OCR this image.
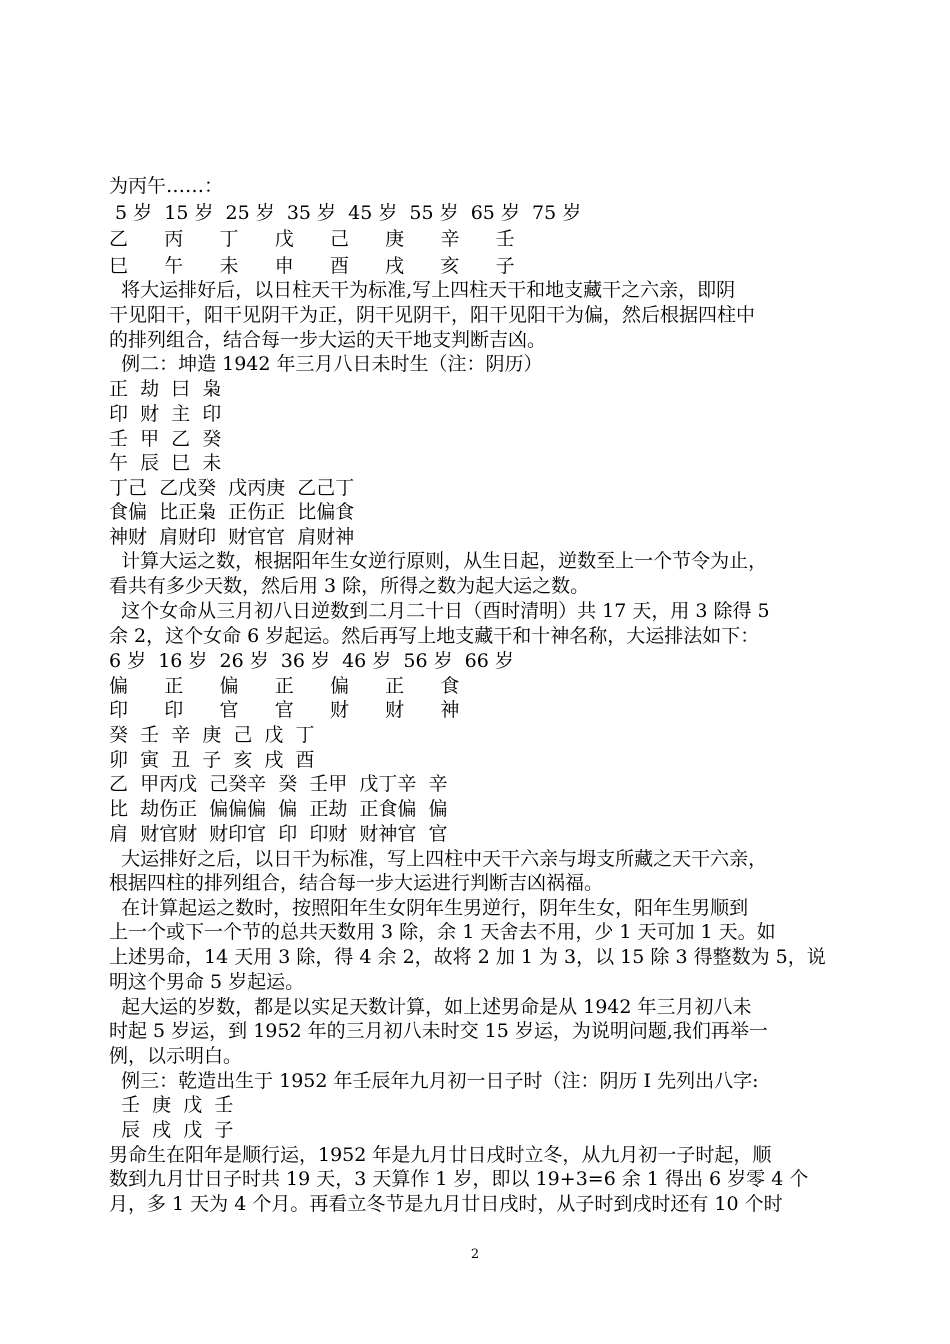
为丙午……：

5 岁  15 岁  25 岁  35 岁  45 岁  55 岁  65 岁  75 岁

乙      丙      丁      戊      己      庚      辛      壬

巳      午      未      申      酉      戌      亥      子

将大运排好后，以日柱天干为标准,写上四柱天干和地支藏干之六亲，即阴

干见阳干，阳干见阴干为正，阴干见阴干，阳干见阳干为偏，然后根据四柱中

的排列组合，结合每一步大运的天干地支判断吉凶。

例二：坤造 1942 年三月八日未时生（注：阴历）

正  劫  曰  枭

印  财  主  印

壬  甲  乙  癸

午  辰  巳  未

丁己  乙戊癸  戊丙庚  乙己丁

食偏  比正枭  正伤正  比偏食

神财  肩财印  财官官  肩财神

计算大运之数，根据阳年生女逆行原则，从生日起，逆数至上一个节令为止，

看共有多少天数，然后用 3 除，所得之数为起大运之数。

这个女命从三月初八日逆数到二月二十日（酉时清明）共 17 天，用 3 除得 5

余 2，这个女命 6 岁起运。然后再写上地支藏干和十神名称，大运排法如下：

6 岁  16 岁  26 岁  36 岁  46 岁  56 岁  66 岁

偏      正      偏      正      偏      正      食

印      印      官      官      财      财      神

癸  壬  辛  庚  己  戊  丁

卯  寅  丑  子  亥  戌  酉

乙  甲丙戊  己癸辛  癸  壬甲  戊丁辛  辛

比  劫伤正  偏偏偏  偏  正劫  正食偏  偏

肩  财官财  财印官  印  印财  财神官  官

大运排好之后，以日干为标准，写上四柱中天干六亲与坶支所藏之天干六亲，

根据四柱的排列组合，结合每一步大运进行判断吉凶祸福。

在计算起运之数时，按照阳年生女阴年生男逆行，阴年生女，阳年生男顺到

上一个或下一个节的总共天数用 3 除，余 1 天舍去不用，少 1 天可加 1 天。如

上述男命，14 天用 3 除，得 4 余 2，故将 2 加 1 为 3，以 15 除 3 得整数为 5，说

明这个男命 5 岁起运。

起大运的岁数，都是以实足天数计算，如上述男命是从 1942 年三月初八未

时起 5 岁运，到 1952 年的三月初八未时交 15 岁运，为说明问题,我们再举一

例，以示明白。

例三：乾造出生于 1952 年壬辰年九月初一日子时（注：阴历 I 先列出八字:

壬  庚  戊  壬

辰  戌  戊  子

男命生在阳年是顺行运，1952 年是九月廿日戌时立冬，从九月初一子时起，顺

数到九月廿日子时共 19 天，3 天算作 1 岁，即以 19+3=6 余 1 得出 6 岁零 4 个

月，多 1 天为 4 个月。再看立冬节是九月廿日戌时，从子时到戌时还有 10 个时

2
